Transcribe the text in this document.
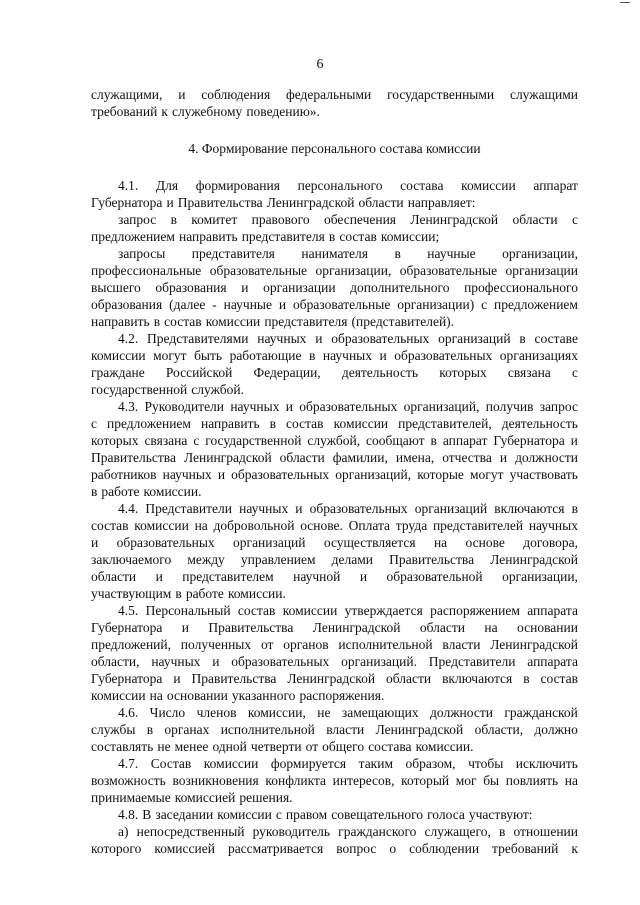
6
служащими, и соблюдения федеральными государственными служащими
требований к служебному поведению».
4. Формирование персонального состава комиссии
4.1. Для формирования персонального состава комиссии аппарат
Губернатора и Правительства Ленинградской области направляет:
запрос в комитет правового обеспечения Ленинградской области с
предложением направить представителя в состав комиссии;
запросы представителя нанимателя в научные организации,
профессиональные образовательные организации, образовательные организации
высшего образования и организации дополнительного профессионального
образования (далее - научные и образовательные организации) с предложением
направить в состав комиссии представителя (представителей).
4.2. Представителями научных и образовательных организаций в составе
комиссии могут быть работающие в научных и образовательных организациях
граждане Российской Федерации, деятельность которых связана с
государственной службой.
4.3. Руководители научных и образовательных организаций, получив запрос
с предложением направить в состав комиссии представителей, деятельность
которых связана с государственной службой, сообщают в аппарат Губернатора и
Правительства Ленинградской области фамилии, имена, отчества и должности
работников научных и образовательных организаций, которые могут участвовать
в работе комиссии.
4.4. Представители научных и образовательных организаций включаются в
состав комиссии на добровольной основе. Оплата труда представителей научных
и образовательных организаций осуществляется на основе договора,
заключаемого между управлением делами Правительства Ленинградской
области и представителем научной и образовательной организации,
участвующим в работе комиссии.
4.5. Персональный состав комиссии утверждается распоряжением аппарата
Губернатора и Правительства Ленинградской области на основании
предложений, полученных от органов исполнительной власти Ленинградской
области, научных и образовательных организаций. Представители аппарата
Губернатора и Правительства Ленинградской области включаются в состав
комиссии на основании указанного распоряжения.
4.6. Число членов комиссии, не замещающих должности гражданской
службы в органах исполнительной власти Ленинградской области, должно
составлять не менее одной четверти от общего состава комиссии.
4.7. Состав комиссии формируется таким образом, чтобы исключить
возможность возникновения конфликта интересов, который мог бы повлиять на
принимаемые комиссией решения.
4.8. В заседании комиссии с правом совещательного голоса участвуют:
а) непосредственный руководитель гражданского служащего, в отношении
которого комиссией рассматривается вопрос о соблюдении требований к
